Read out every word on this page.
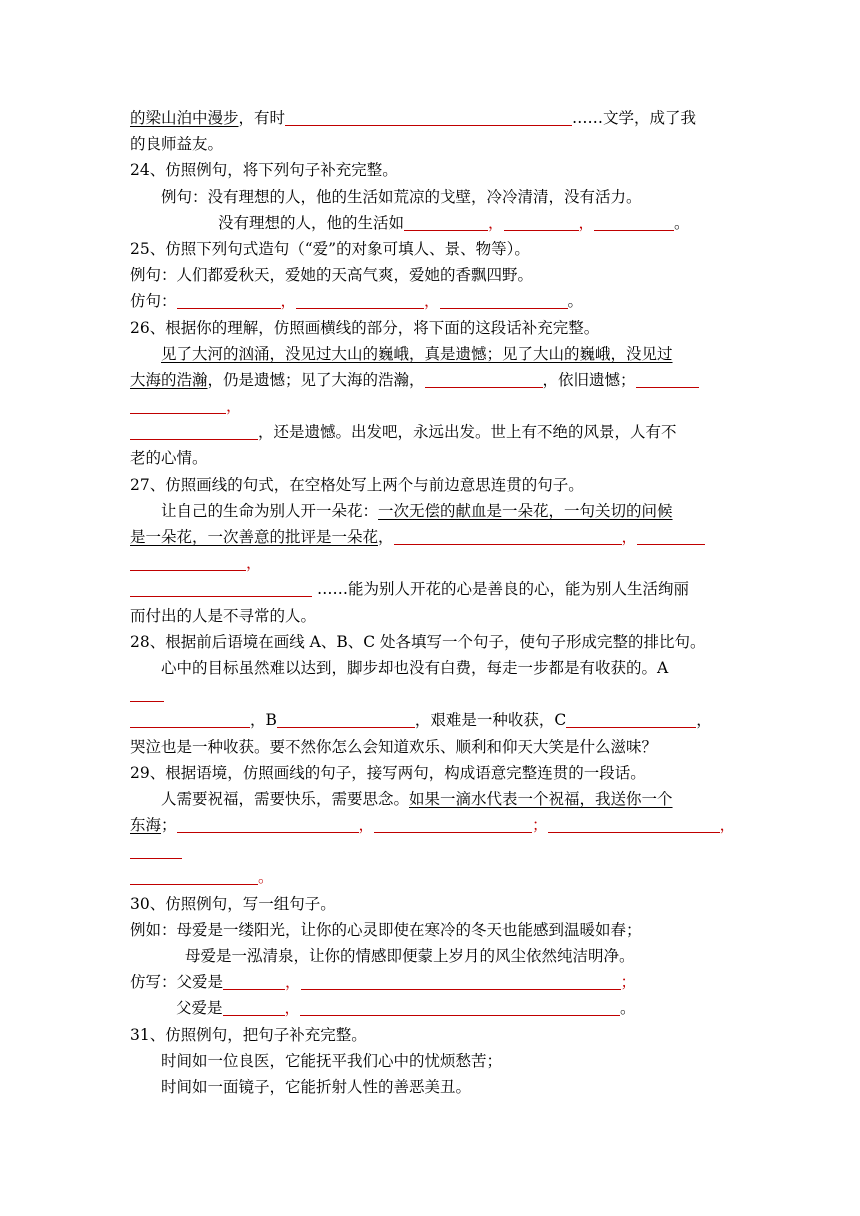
的梁山泊中漫步，有时	……文学，成了我
的良师益友。
24、仿照例句，将下列句子补充完整。
例句：没有理想的人，他的生活如荒凉的戈壁，冷冷清清，没有活力。
没有理想的人，他的生活如	，	，	。
25、仿照下列句式造句（“爱”的对象可填人、景、物等）。
例句：人们都爱秋天，爱她的天高气爽，爱她的香飘四野。
仿句：	，	，	。
26、根据你的理解，仿照画横线的部分，将下面的这段话补充完整。
见了大河的汹涌，没见过大山的巍峨，真是遗憾；见了大山的巍峨，没见过
大海的浩瀚，仍是遗憾；见了大海的浩瀚，	，依旧遗憾；
，
，还是遗憾。出发吧，永远出发。世上有不绝的风景，人有不
老的心情。
27、仿照画线的句式，在空格处写上两个与前边意思连贯的句子。
让自己的生命为别人开一朵花：一次无偿的献血是一朵花，一句关切的问候
是一朵花，一次善意的批评是一朵花，	，
，
……能为别人开花的心是善良的心，能为别人生活绚丽
而付出的人是不寻常的人。
28、根据前后语境在画线 A、B、C 处各填写一个句子，使句子形成完整的排比句。
心中的目标虽然难以达到，脚步却也没有白费，每走一步都是有收获的。A
，B	，艰难是一种收获，C	，
哭泣也是一种收获。要不然你怎么会知道欢乐、顺利和仰天大笑是什么滋味？
29、根据语境，仿照画线的句子，接写两句，构成语意完整连贯的一段话。
人需要祝福，需要快乐，需要思念。如果一滴水代表一个祝福，我送你一个
东海；	，	；	，
。
30、仿照例句，写一组句子。
例如：母爱是一缕阳光，让你的心灵即使在寒冷的冬天也能感到温暖如春；
母爱是一泓清泉，让你的情感即便蒙上岁月的风尘依然纯洁明净。
仿写：父爱是	，	；
父爱是	，	。
31、仿照例句，把句子补充完整。
时间如一位良医，它能抚平我们心中的忧烦愁苦；
时间如一面镜子，它能折射人性的善恶美丑。
